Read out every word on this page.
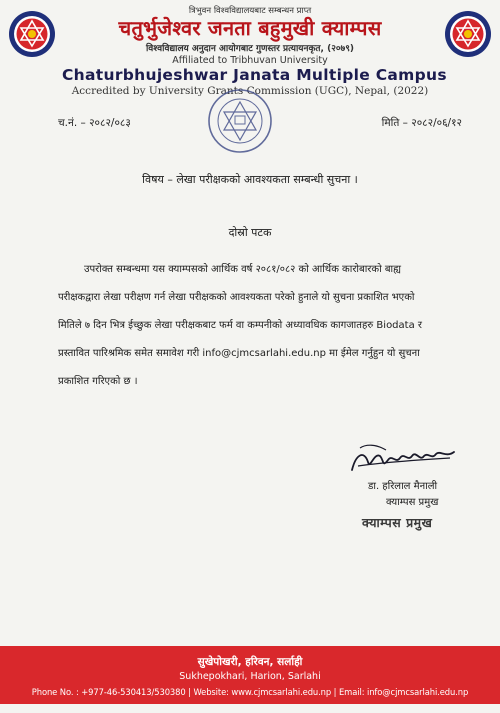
त्रिभुवन विश्वविद्यालयबाट सम्बन्धन प्राप्त
चतुर्भुजेश्वर जनता बहुमुखी क्याम्पस
विश्वविद्यालय अनुदान आयोगबाट गुणस्तर प्रत्यायनकृत, (२०७९)
Affiliated to Tribhuvan University
Chaturbhujeshwar Janata Multiple Campus
Accredited by University Grants Commission (UGC), Nepal, (2022)
च.नं. – २०८२/०८३	मिति – २०८२/०६/१२
विषय – लेखा परीक्षकको आवश्यकता सम्बन्धी सुचना ।
दोस्रो पटक
उपरोक्त सम्बन्धमा यस क्याम्पसको आर्थिक वर्ष २०८१/०८२ को आर्थिक कारोबारको बाह्य
परीक्षकद्वारा लेखा परीक्षण गर्न लेखा परीक्षकको आवश्यकता परेको हुनाले यो सुचना प्रकाशित भएको
मितिले ७ दिन भित्र ईच्छुक लेखा परीक्षकबाट फर्म वा कम्पनीको अध्यावधिक कागजातहरु Biodata र
प्रस्तावित पारिश्रमिक समेत समावेश गरी info@cjmcsarlahi.edu.np मा ईमेल गर्नुहुन यो सुचना
प्रकाशित गरिएको छ ।
डा. हरिलाल मैनाली
क्याम्पस प्रमुख
क्याम्पस प्रमुख
सुखेपोखरी, हरिवन, सर्लाही
Sukhepokhari, Harion, Sarlahi
Phone No. : +977-46-530413/530380 | Website: www.cjmcsarlahi.edu.np | Email: info@cjmcsarlahi.edu.np
